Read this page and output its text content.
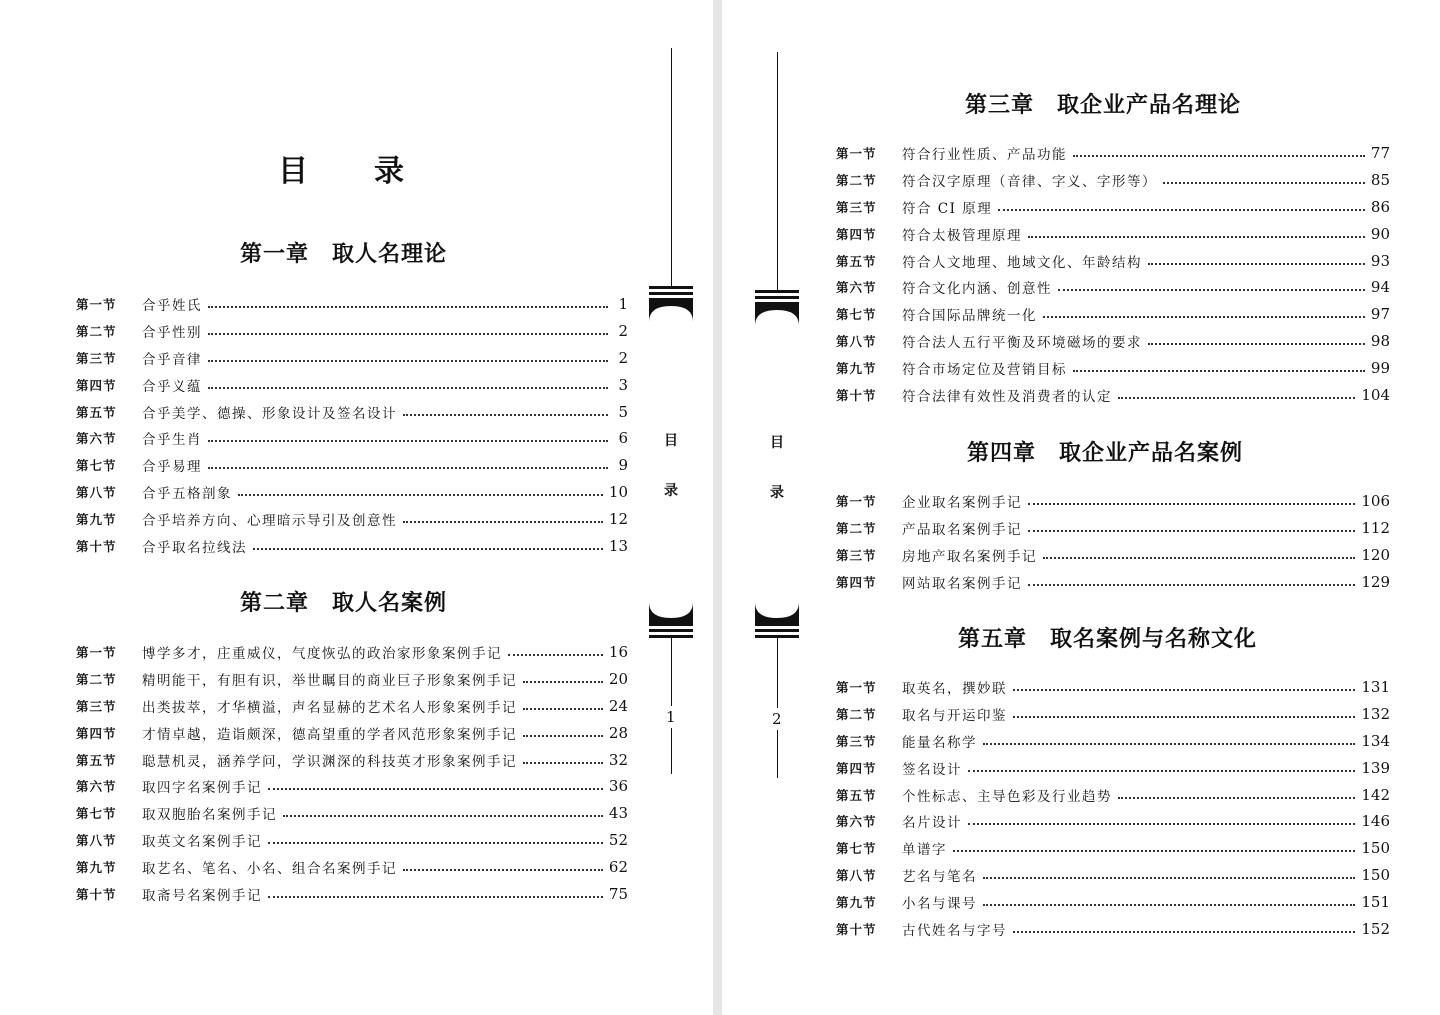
目　　录
第一章　取人名理论
第一节	合乎姓氏	1
第二节	合乎性别	2
第三节	合乎音律	2
第四节	合乎义蕴	3
第五节	合乎美学、德操、形象设计及签名设计	5
第六节	合乎生肖	6
第七节	合乎易理	9
第八节	合乎五格剖象	10
第九节	合乎培养方向、心理暗示导引及创意性	12
第十节	合乎取名拉线法	13
第二章　取人名案例
第一节	博学多才，庄重威仪，气度恢弘的政治家形象案例手记	16
第二节	精明能干，有胆有识，举世瞩目的商业巨子形象案例手记	20
第三节	出类拔萃，才华横溢，声名显赫的艺术名人形象案例手记	24
第四节	才情卓越，造诣颇深，德高望重的学者风范形象案例手记	28
第五节	聪慧机灵，涵养学问，学识渊深的科技英才形象案例手记	32
第六节	取四字名案例手记	36
第七节	取双胞胎名案例手记	43
第八节	取英文名案例手记	52
第九节	取艺名、笔名、小名、组合名案例手记	62
第十节	取斋号名案例手记	75
目
录
1
目
录
2
第三章　取企业产品名理论
第一节	符合行业性质、产品功能	77
第二节	符合汉字原理（音律、字义、字形等）	85
第三节	符合 CI 原理	86
第四节	符合太极管理原理	90
第五节	符合人文地理、地域文化、年龄结构	93
第六节	符合文化内涵、创意性	94
第七节	符合国际品牌统一化	97
第八节	符合法人五行平衡及环境磁场的要求	98
第九节	符合市场定位及营销目标	99
第十节	符合法律有效性及消费者的认定	104
第四章　取企业产品名案例
第一节	企业取名案例手记	106
第二节	产品取名案例手记	112
第三节	房地产取名案例手记	120
第四节	网站取名案例手记	129
第五章　取名案例与名称文化
第一节	取英名，撰妙联	131
第二节	取名与开运印鉴	132
第三节	能量名称学	134
第四节	签名设计	139
第五节	个性标志、主导色彩及行业趋势	142
第六节	名片设计	146
第七节	单谱字	150
第八节	艺名与笔名	150
第九节	小名与课号	151
第十节	古代姓名与字号	152
